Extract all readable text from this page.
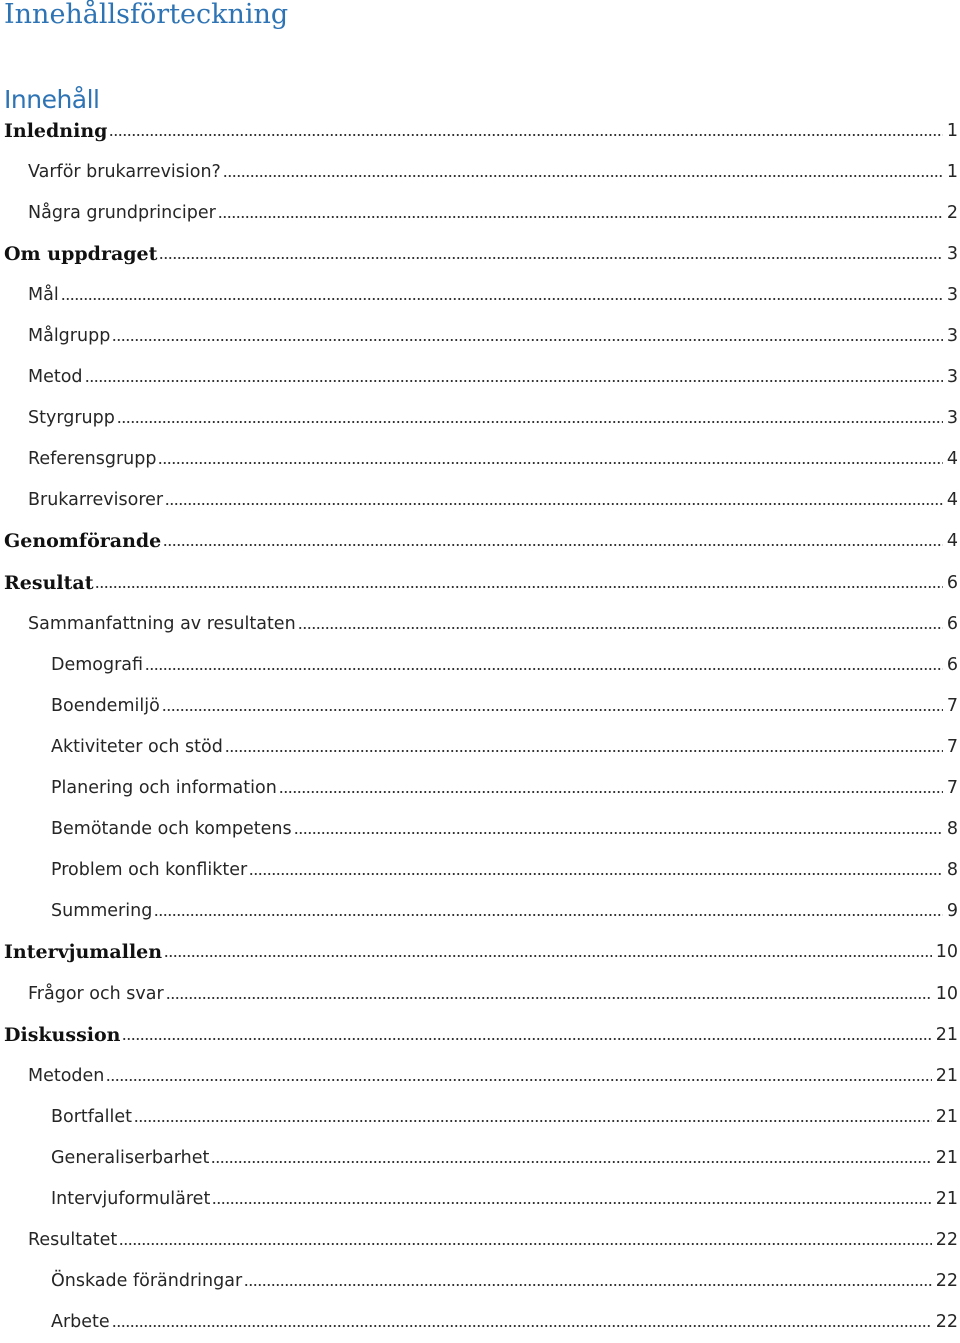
Innehållsförteckning
Innehåll
Inledning	1
Varför brukarrevision?	1
Några grundprinciper	2
Om uppdraget	3
Mål	3
Målgrupp	3
Metod	3
Styrgrupp	3
Referensgrupp	4
Brukarrevisorer	4
Genomförande	4
Resultat	6
Sammanfattning av resultaten	6
Demografi	6
Boendemiljö	7
Aktiviteter och stöd	7
Planering och information	7
Bemötande och kompetens	8
Problem och konflikter	8
Summering	9
Intervjumallen	10
Frågor och svar	10
Diskussion	21
Metoden	21
Bortfallet	21
Generaliserbarhet	21
Intervjuformuläret	21
Resultatet	22
Önskade förändringar	22
Arbete	22
